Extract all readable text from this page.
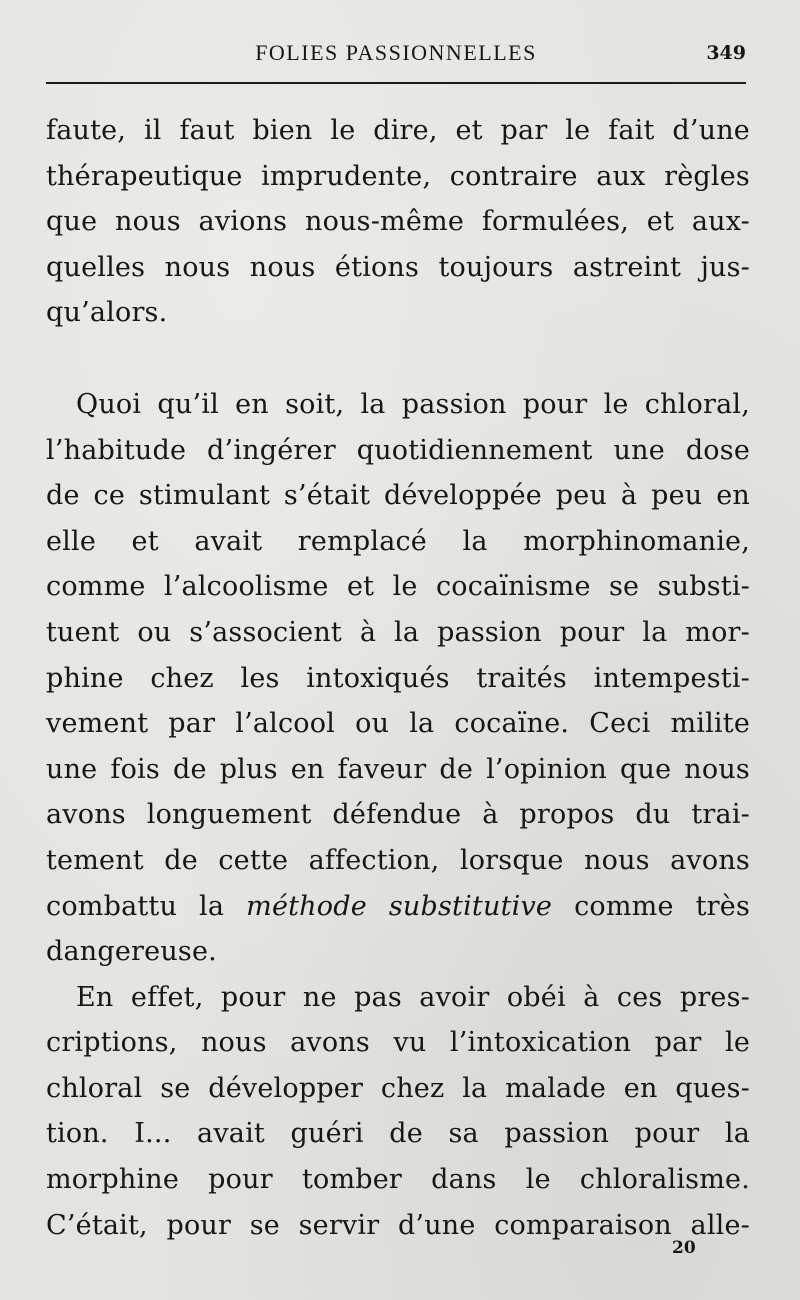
FOLIES PASSIONNELLES	349
faute, il faut bien le dire, et par le fait d’une
thérapeutique imprudente, contraire aux règles
que nous avions nous-même formulées, et aux-
quelles nous nous étions toujours astreint jus-
qu’alors.
Quoi qu’il en soit, la passion pour le chloral,
l’habitude d’ingérer quotidiennement une dose
de ce stimulant s’était développée peu à peu en
elle et avait remplacé la morphinomanie,
comme l’alcoolisme et le cocaïnisme se substi-
tuent ou s’associent à la passion pour la mor-
phine chez les intoxiqués traités intempesti-
vement par l’alcool ou la cocaïne. Ceci milite
une fois de plus en faveur de l’opinion que nous
avons longuement défendue à propos du trai-
tement de cette affection, lorsque nous avons
combattu la méthode substitutive comme très
dangereuse.
En effet, pour ne pas avoir obéi à ces pres-
criptions, nous avons vu l’intoxication par le
chloral se développer chez la malade en ques-
tion. I... avait guéri de sa passion pour la
morphine pour tomber dans le chloralisme.
C’était, pour se servir d’une comparaison alle-
20
